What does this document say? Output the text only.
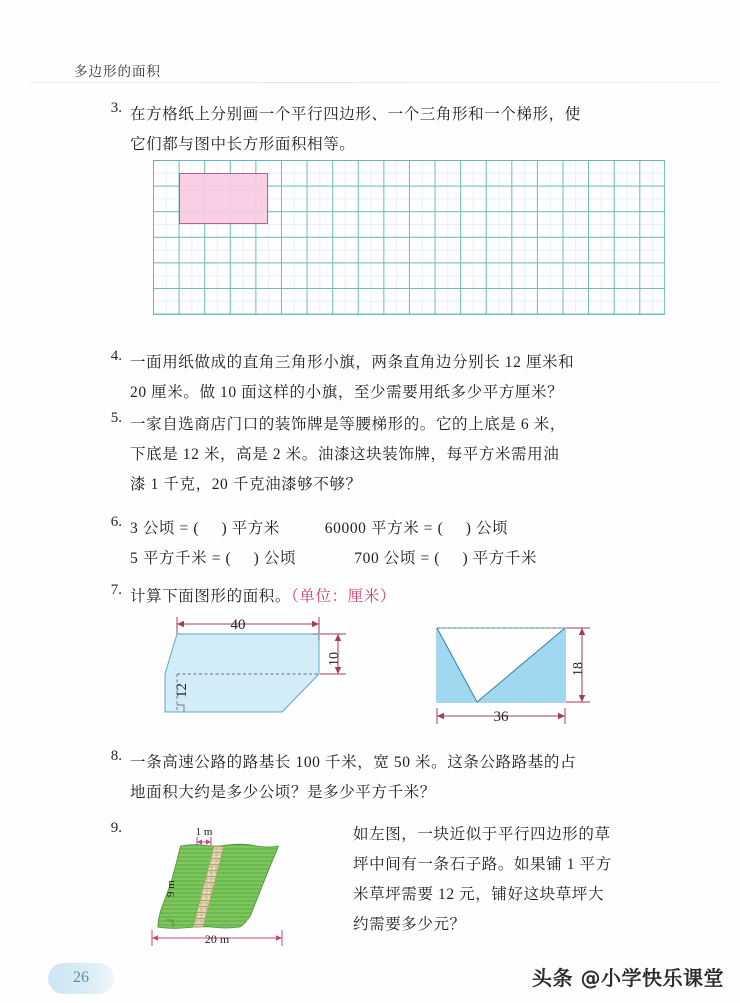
多边形的面积
3. 在方格纸上分别画一个平行四边形、一个三角形和一个梯形，使
它们都与图中长方形面积相等。
4. 一面用纸做成的直角三角形小旗，两条直角边分别长 12 厘米和
20 厘米。做 10 面这样的小旗，至少需要用纸多少平方厘米？
5. 一家自选商店门口的装饰牌是等腰梯形的。它的上底是 6 米，
下底是 12 米，高是 2 米。油漆这块装饰牌，每平方米需用油
漆 1 千克，20 千克油漆够不够？
6. 3 公顷 = ( ) 平方米	60000 平方米 = ( ) 公顷
5 平方千米 = ( ) 公顷	700 公顷 = ( ) 平方千米
7. 计算下面图形的面积。（单位：厘米）
40
12
10
36
18
8. 一条高速公路的路基长 100 千米，宽 50 米。这条公路路基的占
地面积大约是多少公顷？是多少平方千米？
9.	如左图，一块近似于平行四边形的草
坪中间有一条石子路。如果铺 1 平方
米草坪需要 12 元，铺好这块草坪大
约需要多少元？
1 m
9 m
20 m
26	头条 @小学快乐课堂
